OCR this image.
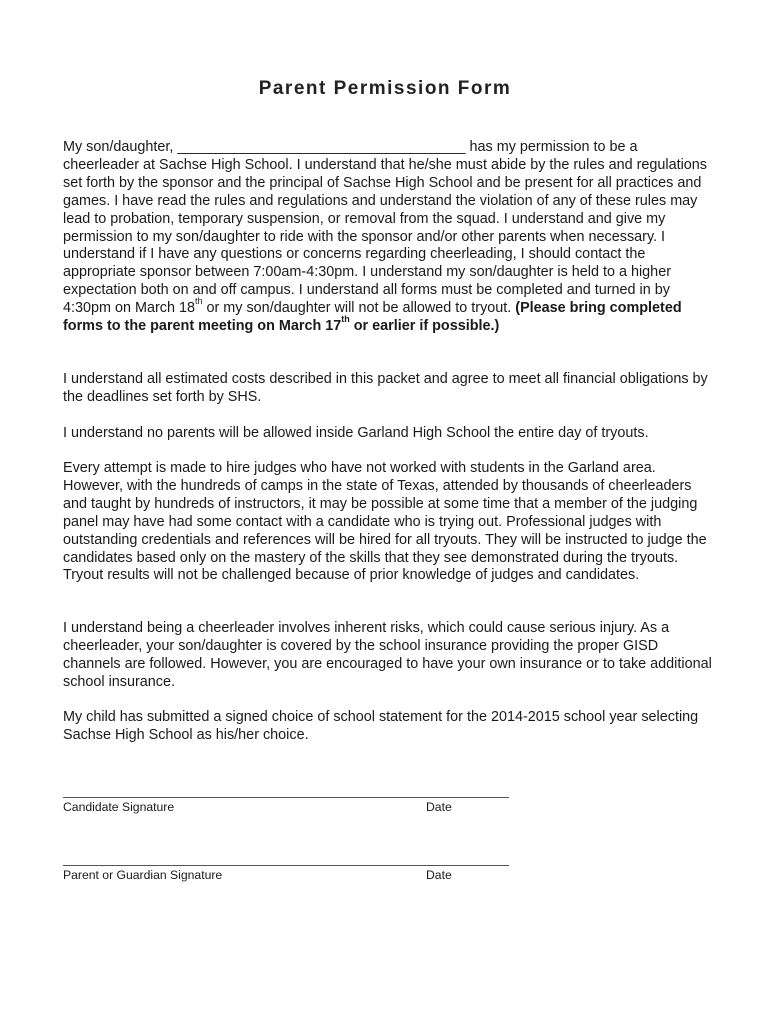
Parent Permission Form
My son/daughter, ____________________________________ has my permission to be a cheerleader at Sachse High School. I understand that he/she must abide by the rules and regulations set forth by the sponsor and the principal of Sachse High School and be present for all practices and games. I have read the rules and regulations and understand the violation of any of these rules may lead to probation, temporary suspension, or removal from the squad. I understand and give my permission to my son/daughter to ride with the sponsor and/or other parents when necessary. I understand if I have any questions or concerns regarding cheerleading, I should contact the appropriate sponsor between 7:00am-4:30pm. I understand my son/daughter is held to a higher expectation both on and off campus. I understand all forms must be completed and turned in by 4:30pm on March 18th or my son/daughter will not be allowed to tryout. (Please bring completed forms to the parent meeting on March 17th or earlier if possible.)
I understand all estimated costs described in this packet and agree to meet all financial obligations by the deadlines set forth by SHS.
I understand no parents will be allowed inside Garland High School the entire day of tryouts.
Every attempt is made to hire judges who have not worked with students in the Garland area. However, with the hundreds of camps in the state of Texas, attended by thousands of cheerleaders and taught by hundreds of instructors, it may be possible at some time that a member of the judging panel may have had some contact with a candidate who is trying out. Professional judges with outstanding credentials and references will be hired for all tryouts. They will be instructed to judge the candidates based only on the mastery of the skills that they see demonstrated during the tryouts. Tryout results will not be challenged because of prior knowledge of judges and candidates.
I understand being a cheerleader involves inherent risks, which could cause serious injury. As a cheerleader, your son/daughter is covered by the school insurance providing the proper GISD channels are followed. However, you are encouraged to have your own insurance or to take additional school insurance.
My child has submitted a signed choice of school statement for the 2014-2015 school year selecting Sachse High School as his/her choice.
Candidate Signature	Date
Parent or Guardian Signature	Date
